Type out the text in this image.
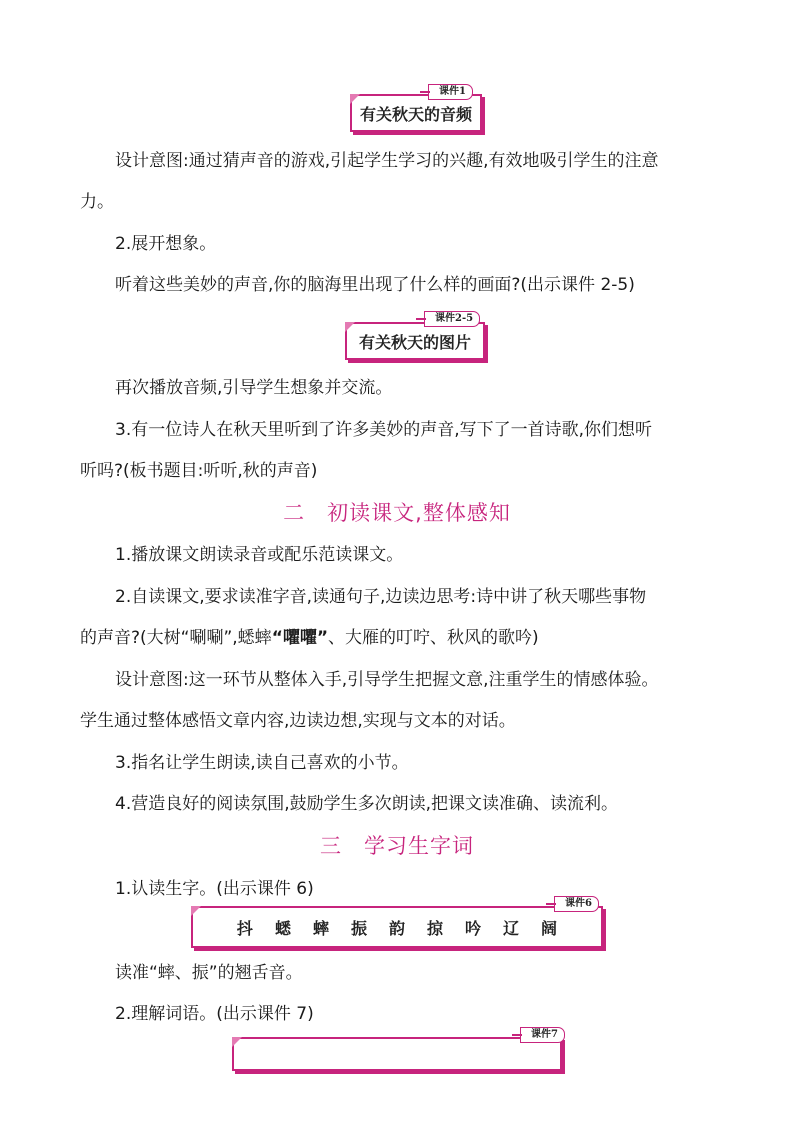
有关秋天的音频
课件1
设计意图:通过猜声音的游戏,引起学生学习的兴趣,有效地吸引学生的注意
力。
2.展开想象。
听着这些美妙的声音,你的脑海里出现了什么样的画面?(出示课件 2-5)
有关秋天的图片
课件2-5
再次播放音频,引导学生想象并交流。
3.有一位诗人在秋天里听到了许多美妙的声音,写下了一首诗歌,你们想听
听吗?(板书题目:听听,秋的声音)
二　初读课文,整体感知
1.播放课文朗读录音或配乐范读课文。
2.自读课文,要求读准字音,读通句子,边读边思考:诗中讲了秋天哪些事物
的声音?(大树“唰唰”,蟋蟀“㘗㘗”、大雁的叮咛、秋风的歌吟)
设计意图:这一环节从整体入手,引导学生把握文意,注重学生的情感体验。
学生通过整体感悟文章内容,边读边想,实现与文本的对话。
3.指名让学生朗读,读自己喜欢的小节。
4.营造良好的阅读氛围,鼓励学生多次朗读,把课文读准确、读流利。
三　学习生字词
1.认读生字。(出示课件 6)
抖 蟋 蟀 振 韵 掠 吟 辽 阔
课件6
读准“蟀、振”的翘舌音。
2.理解词语。(出示课件 7)
课件7
